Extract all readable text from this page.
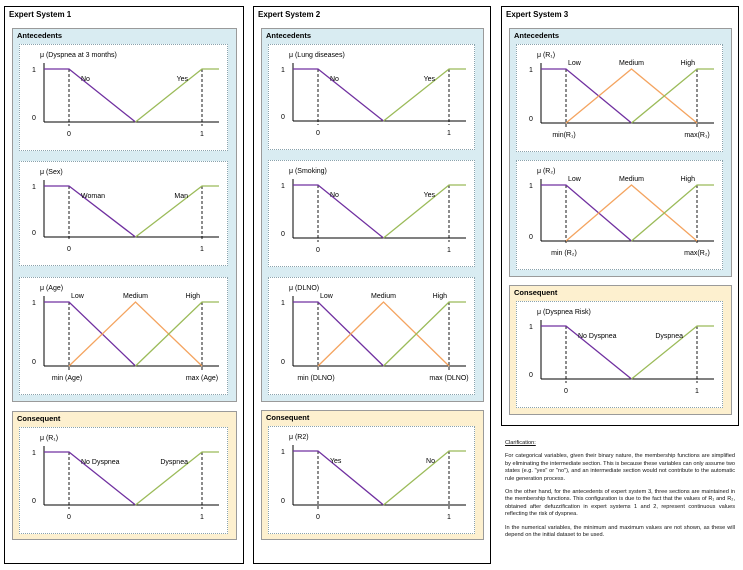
Expert System 1
Antecedents
μ (Dyspnea at 3 months)
1
0
0	1
No	Yes
μ (Sex)
1
0
0	1
Woman	Man
μ (Age)
1
0
min (Age)	max (Age)
Low	Medium	High
Consequent
μ (R₁)
1
0
0	1
No Dyspnea	Dyspnea
Expert System 2
Antecedents
μ (Lung diseases)
1
0
0	1
No	Yes
μ (Smoking)
1
0
0	1
No	Yes
μ (DLNO)
1
0
min (DLNO)	max (DLNO)
Low	Medium	High
Consequent
μ (R2)
1
0
0	1
Yes	No
Expert System 3
Antecedents
μ (R₁)
1
0
min(R₁)	max(R₁)
Low	Medium	High
μ (R₂)
1
0
min (R₂)	max(R₂)
Low	Medium	High
Consequent
μ (Dyspnea Risk)
1
0
0	1
No Dyspnea	Dyspnea
Clarification:

For categorical variables, given their binary nature, the membership functions are simplified by eliminating the intermediate section. This is because these variables can only assume two states (e.g. "yes" or "no"), and an intermediate section would not contribute to the automatic rule generation process.

On the other hand, for the antecedents of expert system 3, three sections are maintained in the membership functions. This configuration is due to the fact that the values of R₁ and R₂, obtained after defuzzification in expert systems 1 and 2, represent continuous values reflecting the risk of dyspnea.

In the numerical variables, the minimum and maximum values are not shown, as these will depend on the initial dataset to be used.
